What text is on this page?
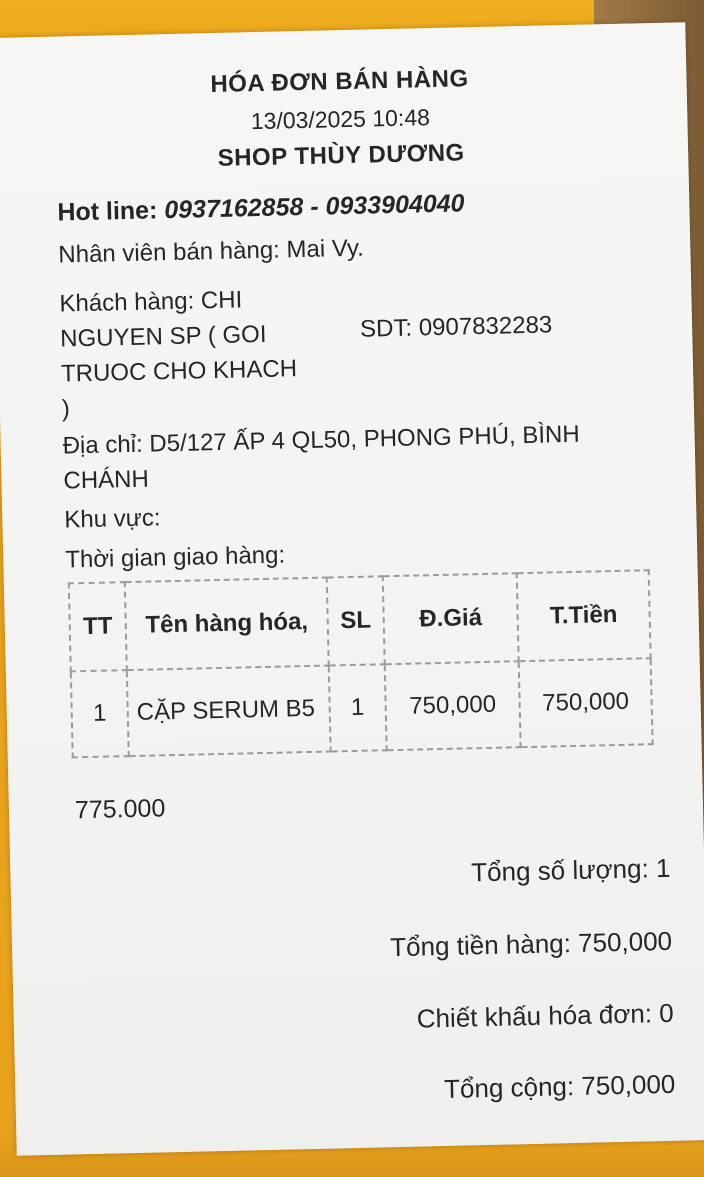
HÓA ĐƠN BÁN HÀNG
13/03/2025 10:48
SHOP THÙY DƯƠNG
Hot line: 0937162858 - 0933904040
Nhân viên bán hàng: Mai Vy.
Khách hàng: CHI NGUYEN SP ( GOI TRUOC CHO KHACH )
SDT: 0907832283
Địa chỉ: D5/127 ẤP 4 QL50, PHONG PHÚ, BÌNH CHÁNH
Khu vực:
Thời gian giao hàng:
TT	Tên hàng hóa,	SL	Đ.Giá	T.Tiền
1	CẶP SERUM B5	1	750,000	750,000
775.000
Tổng số lượng: 1
Tổng tiền hàng: 750,000
Chiết khấu hóa đơn: 0
Tổng cộng: 750,000
